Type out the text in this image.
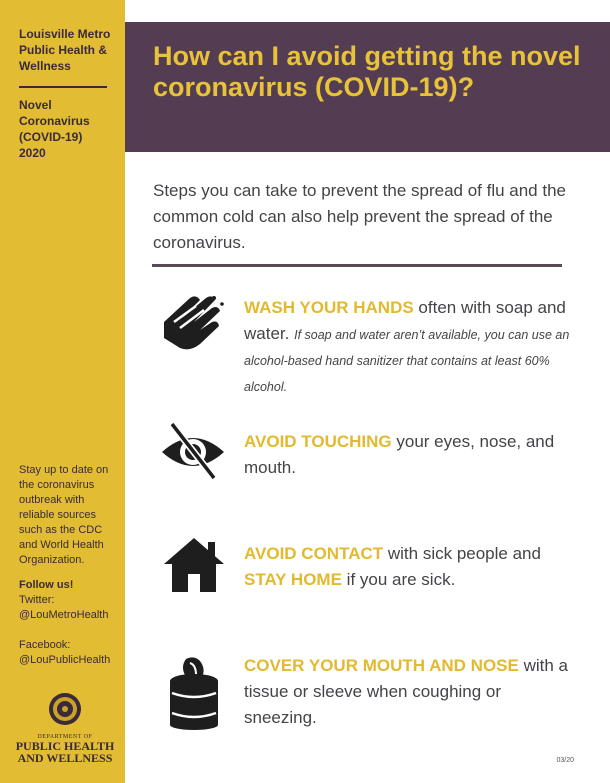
Louisville Metro Public Health & Wellness
Novel
Coronavirus
(COVID-19)
2020
Stay up to date on the coronavirus outbreak with reliable sources such as the CDC and World Health Organization.
Follow us!
Twitter:
@LouMetroHealth

Facebook:
@LouPublicHealth
DEPARTMENT OF
PUBLIC HEALTH
AND WELLNESS
How can I avoid getting the novel coronavirus (COVID-19)?
Steps you can take to prevent the spread of flu and the common cold can also help prevent the spread of the coronavirus.
WASH YOUR HANDS often with soap and water. If soap and water aren’t available, you can use an alcohol-based hand sanitizer that contains at least 60% alcohol.
AVOID TOUCHING your eyes, nose, and mouth.
AVOID CONTACT with sick people and STAY HOME if you are sick.
COVER YOUR MOUTH AND NOSE with a tissue or sleeve when coughing or sneezing.
03/20
